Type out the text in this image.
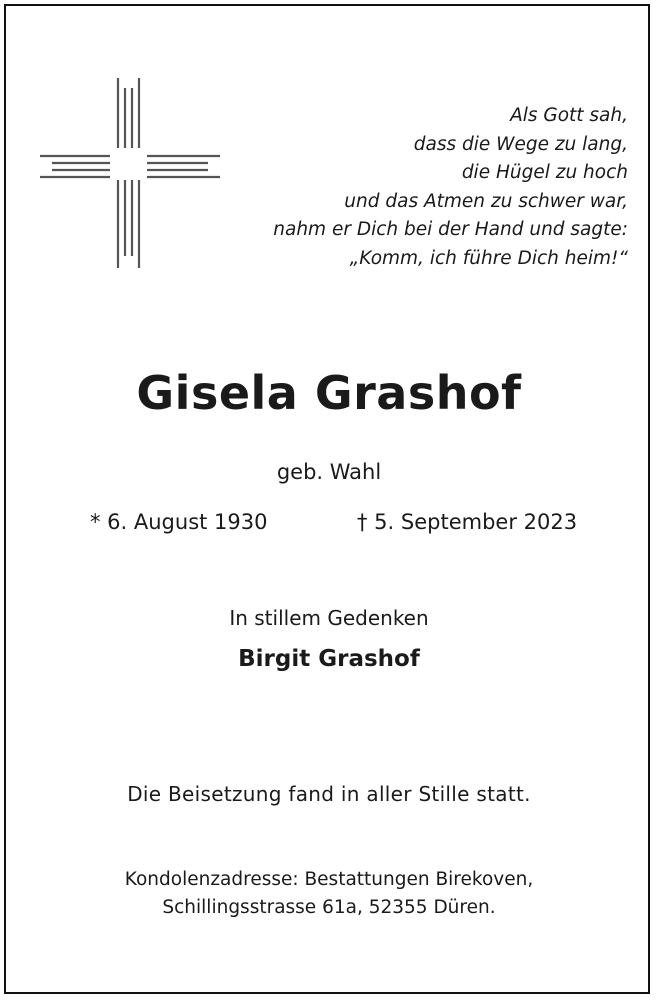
Als Gott sah,
dass die Wege zu lang,
die Hügel zu hoch
und das Atmen zu schwer war,
nahm er Dich bei der Hand und sagte:
„Komm, ich führe Dich heim!“
Gisela Grashof
geb. Wahl
* 6. August 1930	† 5. September 2023
In stillem Gedenken
Birgit Grashof
Die Beisetzung fand in aller Stille statt.
Kondolenzadresse: Bestattungen Birekoven,
Schillingsstrasse 61a, 52355 Düren.
